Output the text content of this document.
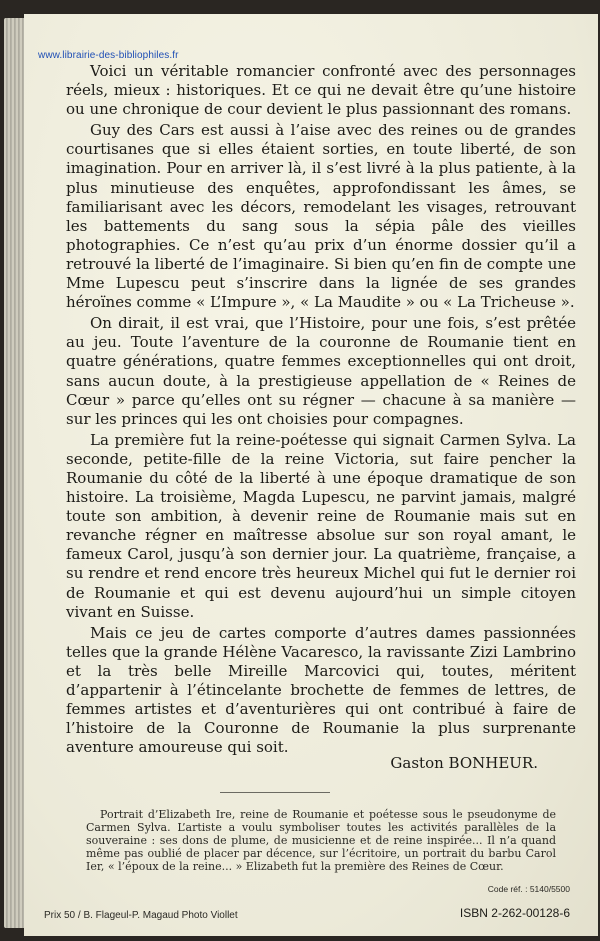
www.librairie-des-bibliophiles.fr

Voici un véritable romancier confronté avec des personnages réels, mieux : historiques. Et ce qui ne devait être qu’une histoire ou une chronique de cour devient le plus passionnant des romans.

Guy des Cars est aussi à l’aise avec des reines ou de grandes courtisanes que si elles étaient sorties, en toute liberté, de son imagination. Pour en arriver là, il s’est livré à la plus patiente, à la plus minutieuse des enquêtes, approfondissant les âmes, se familiarisant avec les décors, remodelant les visages, retrouvant les battements du sang sous la sépia pâle des vieilles photographies. Ce n’est qu’au prix d’un énorme dossier qu’il a retrouvé la liberté de l’imaginaire. Si bien qu’en fin de compte une Mme Lupescu peut s’inscrire dans la lignée de ses grandes héroïnes comme « L’Impure », « La Maudite » ou « La Tricheuse ».

On dirait, il est vrai, que l’Histoire, pour une fois, s’est prêtée au jeu. Toute l’aventure de la couronne de Roumanie tient en quatre générations, quatre femmes exceptionnelles qui ont droit, sans aucun doute, à la prestigieuse appellation de « Reines de Cœur » parce qu’elles ont su régner — chacune à sa manière — sur les princes qui les ont choisies pour compagnes.

La première fut la reine-poétesse qui signait Carmen Sylva. La seconde, petite-fille de la reine Victoria, sut faire pencher la Roumanie du côté de la liberté à une époque dramatique de son histoire. La troisième, Magda Lupescu, ne parvint jamais, malgré toute son ambition, à devenir reine de Roumanie mais sut en revanche régner en maîtresse absolue sur son royal amant, le fameux Carol, jusqu’à son dernier jour. La quatrième, française, a su rendre et rend encore très heureux Michel qui fut le dernier roi de Roumanie et qui est devenu aujourd’hui un simple citoyen vivant en Suisse.

Mais ce jeu de cartes comporte d’autres dames passionnées telles que la grande Hélène Vacaresco, la ravissante Zizi Lambrino et la très belle Mireille Marcovici qui, toutes, méritent d’appartenir à l’étincelante brochette de femmes de lettres, de femmes artistes et d’aventurières qui ont contribué à faire de l’histoire de la Couronne de Roumanie la plus surprenante aventure amoureuse qui soit.

Gaston BONHEUR.

Portrait d’Elizabeth Ire, reine de Roumanie et poétesse sous le pseudonyme de Carmen Sylva. L’artiste a voulu symboliser toutes les activités parallèles de la souveraine : ses dons de plume, de musicienne et de reine inspirée... Il n’a quand même pas oublié de placer par décence, sur l’écritoire, un portrait du barbu Carol Ier, « l’époux de la reine... » Elizabeth fut la première des Reines de Cœur.

Code réf. : 5140/5500
Prix 50 / B. Flageul-P. Magaud Photo Viollet	ISBN 2-262-00128-6
